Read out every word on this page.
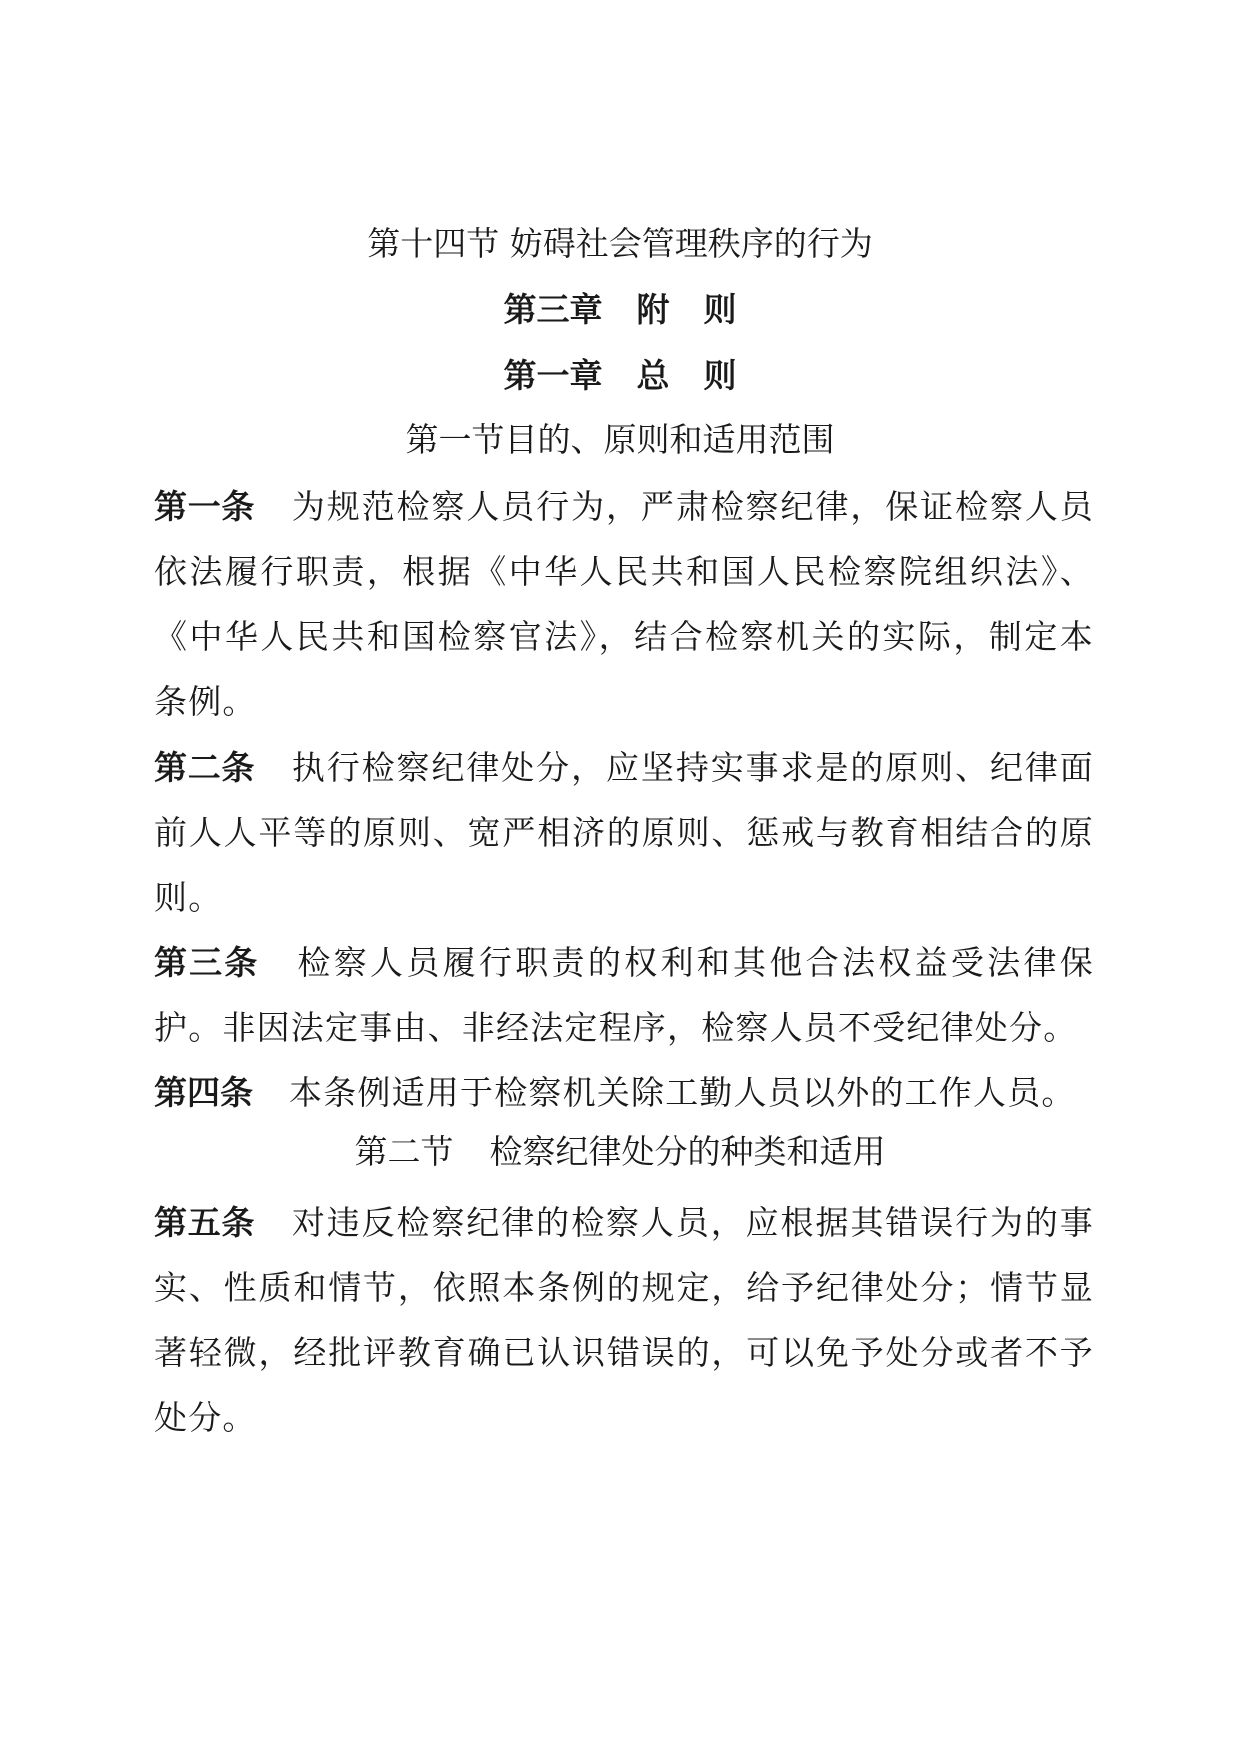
第十四节 妨碍社会管理秩序的行为
第三章 附 则
第一章 总 则
第一节目的、原则和适用范围
第一条 为规范检察人员行为，严肃检察纪律，保证检察人员依法履行职责，根据《中华人民共和国人民检察院组织法》、《中华人民共和国检察官法》，结合检察机关的实际，制定本条例。
第二条 执行检察纪律处分，应坚持实事求是的原则、纪律面前人人平等的原则、宽严相济的原则、惩戒与教育相结合的原则。
第三条 检察人员履行职责的权利和其他合法权益受法律保护。非因法定事由、非经法定程序，检察人员不受纪律处分。
第四条 本条例适用于检察机关除工勤人员以外的工作人员。
第二节 检察纪律处分的种类和适用
第五条 对违反检察纪律的检察人员，应根据其错误行为的事实、性质和情节，依照本条例的规定，给予纪律处分；情节显著轻微，经批评教育确已认识错误的，可以免予处分或者不予处分。
